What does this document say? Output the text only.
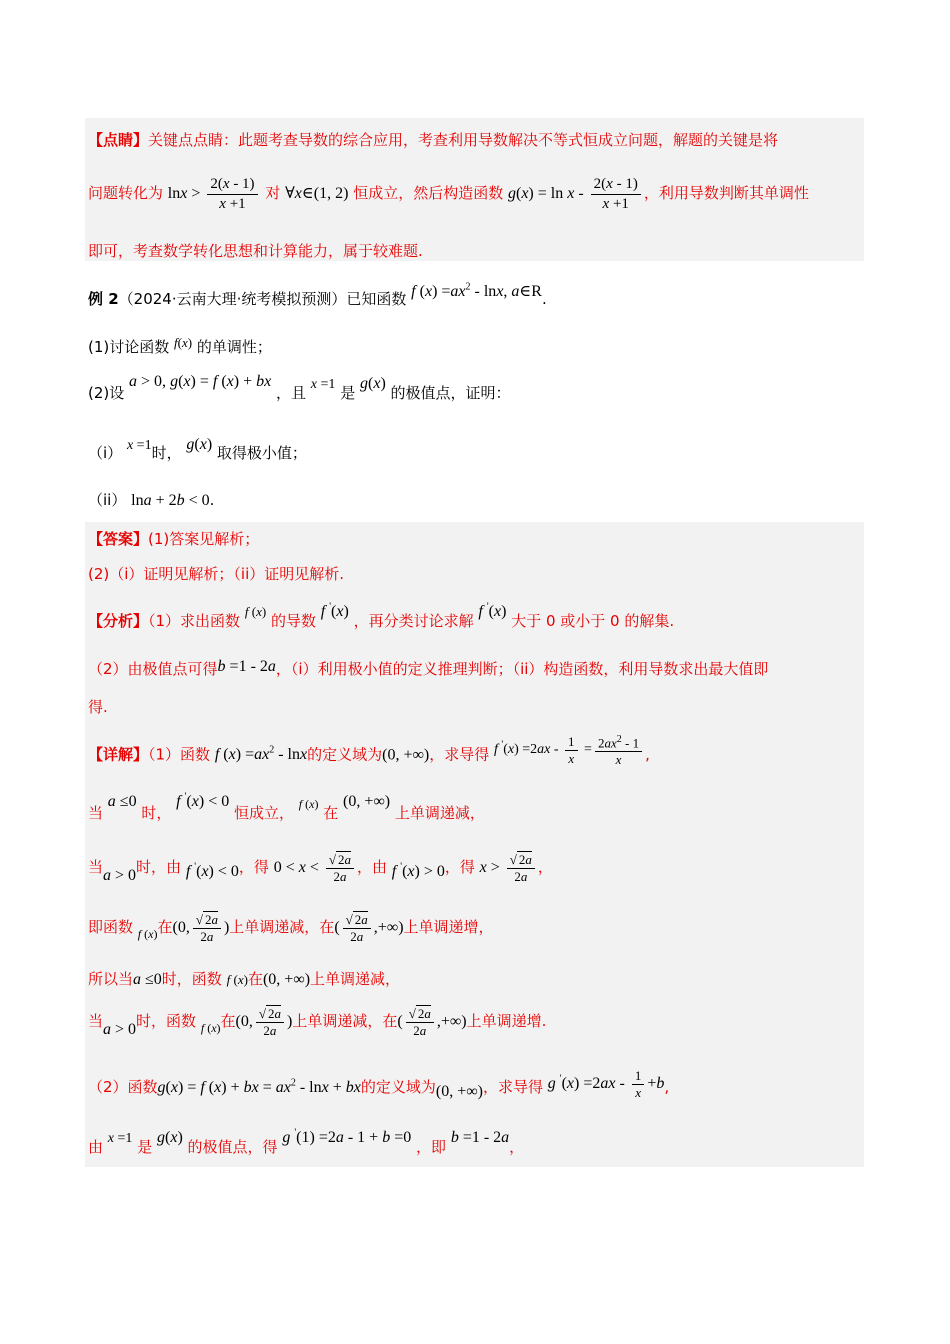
【点睛】关键点点睛：此题考查导数的综合应用，考查利用导数解决不等式恒成立问题，解题的关键是将
问题转化为 $\ln x > \frac{2(x - 1)}{x +1}$ 对 ∀x∈(1, 2) 恒成立，然后构造函数 $g(x) = \ln x - \frac{2(x - 1)}{x +1}$ ，利用导数判断其单调性
即可，考查数学转化思想和计算能力，属于较难题.
例 2（2024·云南大理·统考模拟预测）已知函数 f $(x) =ax^2 - \ln x$, a∈R.
(1)讨论函数 f(x) 的单调性；
(2)设 a > 0, g(x) = f (x) + bx ，且 x =1 是 g(x) 的极值点，证明：
（i） x =1时， g(x) 取得极小值；
（ii） lna + 2b < 0.
【答案】(1)答案见解析；
(2)（i）证明见解析；（ii）证明见解析.
【分析】（1）求出函数 f (x) 的导数 f '(x) ，再分类讨论求解 f '(x) 大于 0 或小于 0 的解集.
（2）由极值点可得b =1 - 2a，（i）利用极小值的定义推理判断；（ii）构造函数，利用导数求出最大值即
得.
【详解】（1）函数 f $(x) =ax^2 - \ln x$的定义域为(0, +∞)，求导得 f $'(x) =2ax - \frac{1}{x} = \frac{2ax^2 - 1}{x}$ ,
当 a ≤0 时， f '(x) < 0 恒成立， $^{f (x)}$ 在 (0, +∞) 上单调递减，
当a > 0时，由 f '(x) < 0，得 $0 < x < \frac{√ 2a}{2a}$ ，由 f '(x) > 0，得 $x > \frac{√ 2a}{2a}$ ，
即函数 $_{f (x)}$在(0, $\frac{√ 2a}{2a}$ )上单调递减，在( $\frac{√ 2a}{2a}$ ,+∞)上单调递增，
所以当a ≤0时，函数 f (x)在(0, +∞)上单调递减，
当a > 0时，函数 $_{f (x)}$在(0, $\frac{√ 2a}{2a}$ )上单调递减，在( $\frac{√ 2a}{2a}$ ,+∞)上单调递增.
（2）函数g(x) = f (x) + bx = $ax^2$ - lnx + bx的定义域为(0, +∞)，求导得 g $'(x) =2ax - \frac{1}{x} +b$,
由 x =1 是 g(x) 的极值点，得 g '(1) =2a - 1 + b =0 ，即 b =1 - 2a，
